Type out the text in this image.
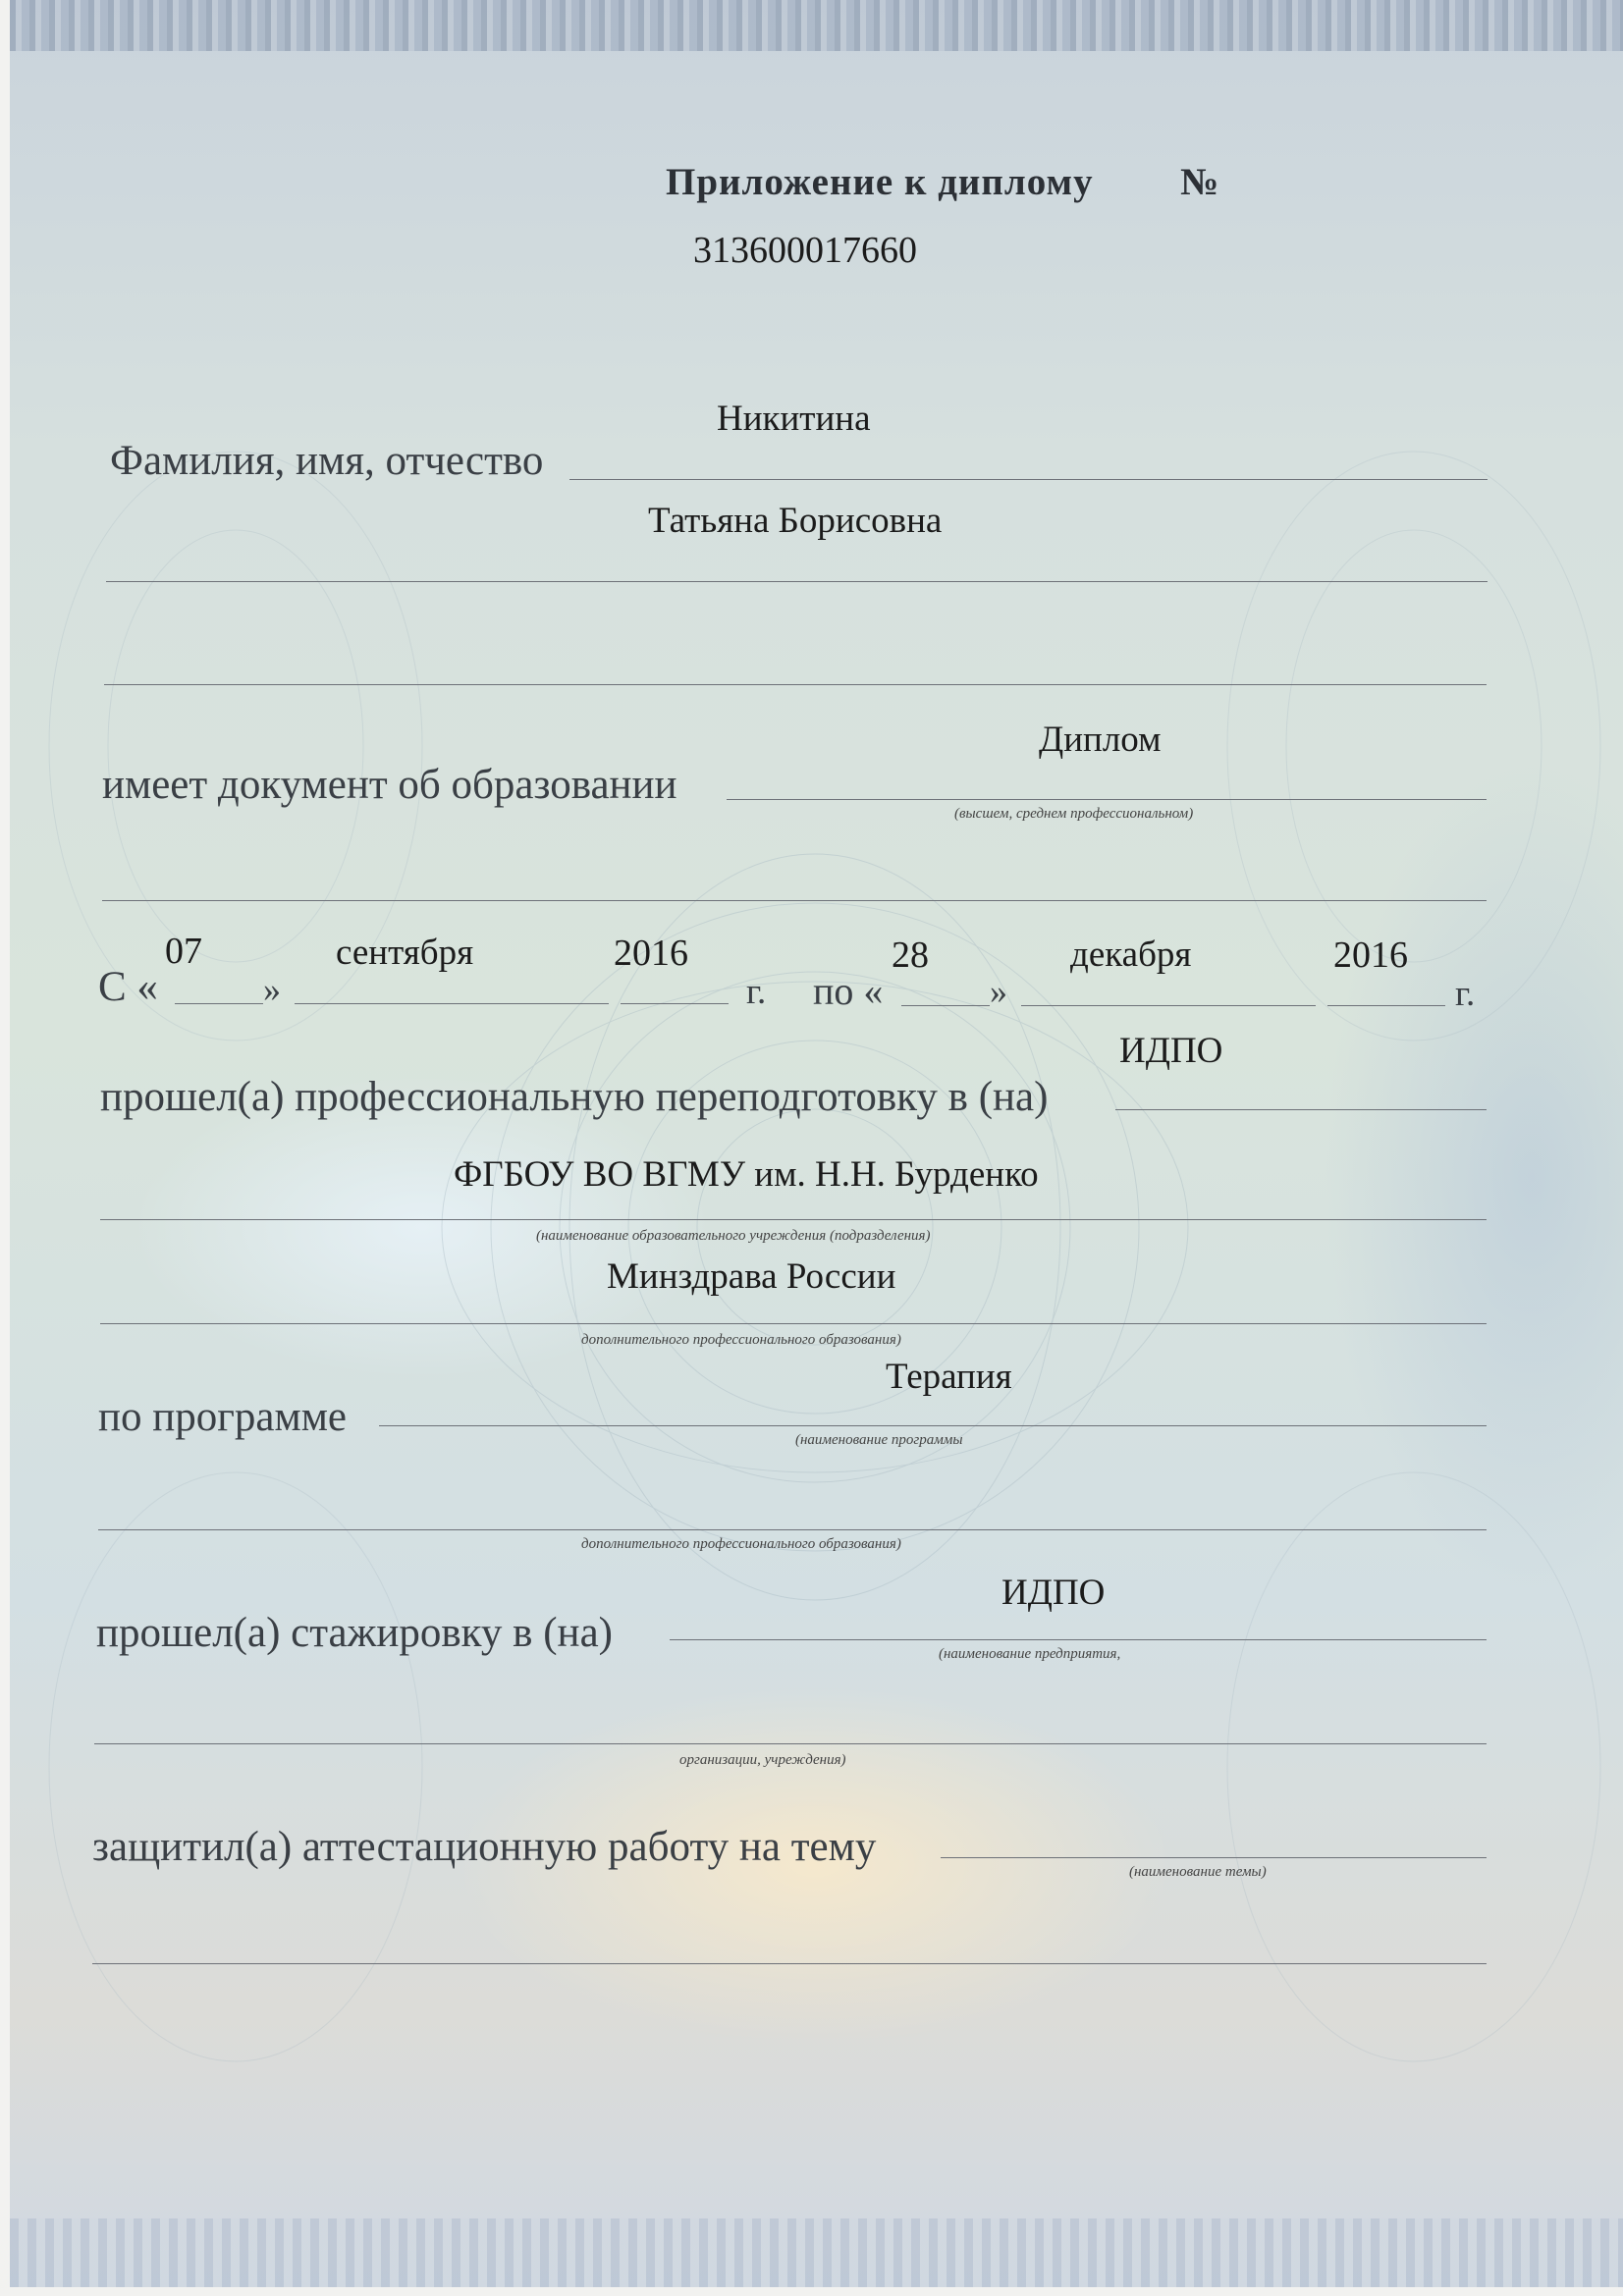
Приложение к диплому №
313600017660
Никитина
Фамилия, имя, отчество
Татьяна Борисовна
Диплом
имеет документ об образовании
(высшем, среднем профессиональном)
07	сентября	2016	28	декабря	2016
С «	»	г. по «	»	г.
ИДПО
прошел(а) профессиональную переподготовку в (на)
ФГБОУ ВО ВГМУ им. Н.Н. Бурденко
(наименование образовательного учреждения (подразделения)
Минздрава России
дополнительного профессионального образования)
Терапия
по программе	(наименование программы
дополнительного профессионального образования)
ИДПО
прошел(а) стажировку в (на)	(наименование предприятия,
организации, учреждения)
защитил(а) аттестационную работу на тему
(наименование темы)
